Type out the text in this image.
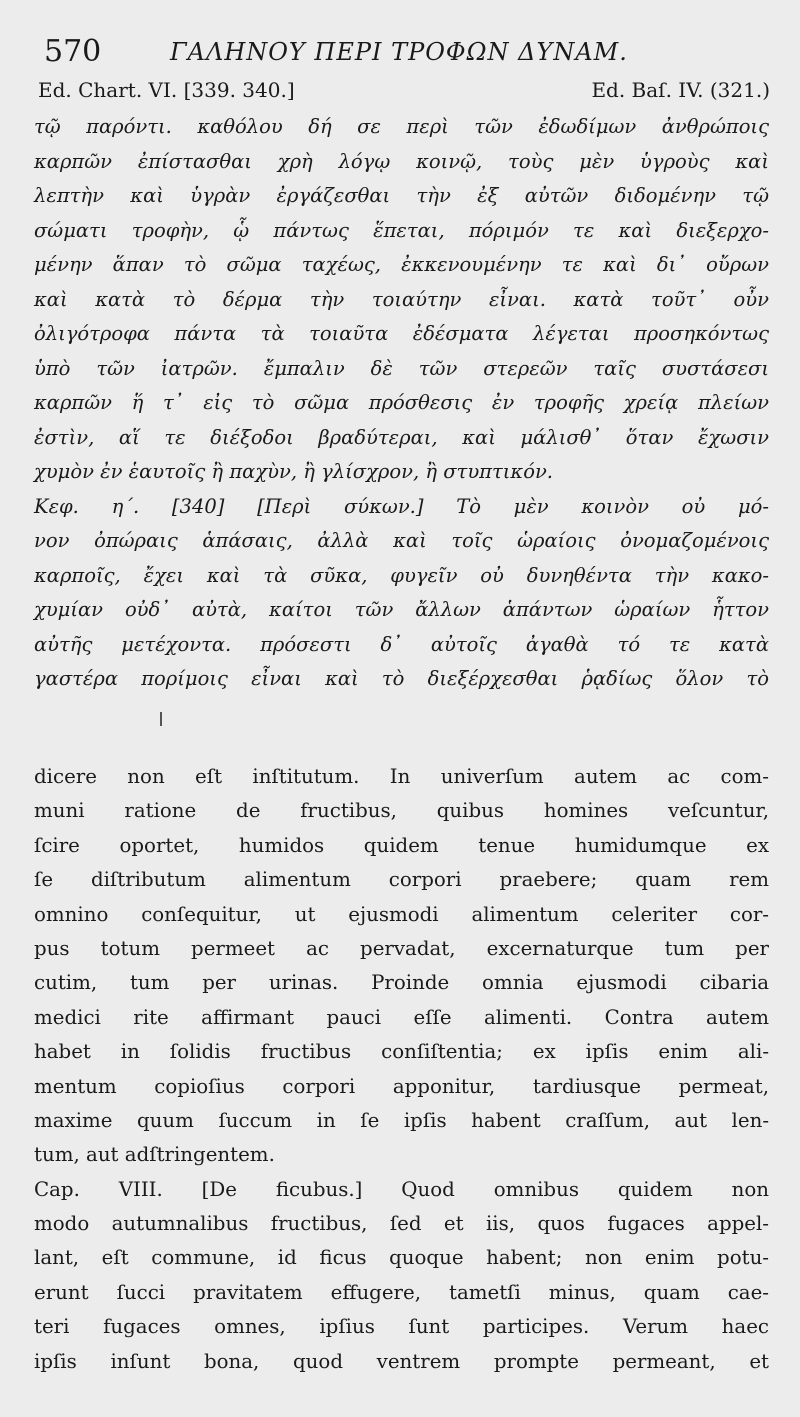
570	ΓΑΛΗΝΟΥ ΠΕΡΙ ΤΡΟΦΩΝ ΔΥΝΑΜ.
Ed. Chart. VI. [339. 340.]	Ed. Baſ. IV. (321.)
τῷ παρόντι. καθόλου δή σε περὶ τῶν ἐδωδίμων ἀνθρώποις
καρπῶν ἐπίστασθαι χρὴ λόγῳ κοινῷ, τοὺς μὲν ὑγροὺς καὶ
λεπτὴν καὶ ὑγρὰν ἐργάζεσθαι τὴν ἐξ αὐτῶν διδομένην τῷ
σώματι τροφὴν, ᾧ πάντως ἕπεται, πόριμόν τε καὶ διεξερχο-
μένην ἅπαν τὸ σῶμα ταχέως, ἐκκενουμένην τε καὶ δι᾽ οὔρων
καὶ κατὰ τὸ δέρμα τὴν τοιαύτην εἶναι. κατὰ τοῦτ᾽ οὖν
ὀλιγότροφα πάντα τὰ τοιαῦτα ἐδέσματα λέγεται προσηκόντως
ὑπὸ τῶν ἰατρῶν. ἔμπαλιν δὲ τῶν στερεῶν ταῖς συστάσεσι
καρπῶν ἥ τ᾽ εἰς τὸ σῶμα πρόσθεσις ἐν τροφῆς χρείᾳ πλείων
ἐστὶν, αἵ τε διέξοδοι βραδύτεραι, καὶ μάλισθ᾽ ὅταν ἔχωσιν
χυμὸν ἐν ἑαυτοῖς ἢ παχὺν, ἢ γλίσχρον, ἢ στυπτικόν.
Κεφ. η΄. [340] [Περὶ σύκων.] Τὸ μὲν κοινὸν οὐ μό-
νον ὀπώραις ἁπάσαις, ἀλλὰ καὶ τοῖς ὡραίοις ὀνομαζομένοις
καρποῖς, ἔχει καὶ τὰ σῦκα, φυγεῖν οὐ δυνηθέντα τὴν κακο-
χυμίαν οὐδ᾽ αὐτὰ, καίτοι τῶν ἄλλων ἁπάντων ὡραίων ἧττον
αὐτῆς μετέχοντα. πρόσεστι δ᾽ αὐτοῖς ἀγαθὰ τό τε κατὰ
γαστέρα πορίμοις εἶναι καὶ τὸ διεξέρχεσθαι ῥᾳδίως ὅλον τὸ
dicere non eſt inſtitutum. In univerſum autem ac com-
muni ratione de fructibus, quibus homines veſcuntur,
ſcire oportet, humidos quidem tenue humidumque ex
ſe diſtributum alimentum corpori praebere; quam rem
omnino conſequitur, ut ejusmodi alimentum celeriter cor-
pus totum permeet ac pervadat, excernaturque tum per
cutim, tum per urinas. Proinde omnia ejusmodi cibaria
medici rite affirmant pauci eſſe alimenti. Contra autem
habet in ſolidis fructibus conſiſtentia; ex ipſis enim ali-
mentum copioſius corpori apponitur, tardiusque permeat,
maxime quum ſuccum in ſe ipſis habent craſſum, aut len-
tum, aut adſtringentem.
Cap. VIII. [De ficubus.] Quod omnibus quidem non
modo autumnalibus fructibus, ſed et iis, quos fugaces appel-
lant, eſt commune, id ficus quoque habent; non enim potu-
erunt ſucci pravitatem effugere, tametſi minus, quam cae-
teri fugaces omnes, ipſius ſunt participes. Verum haec
ipſis inſunt bona, quod ventrem prompte permeant, et
